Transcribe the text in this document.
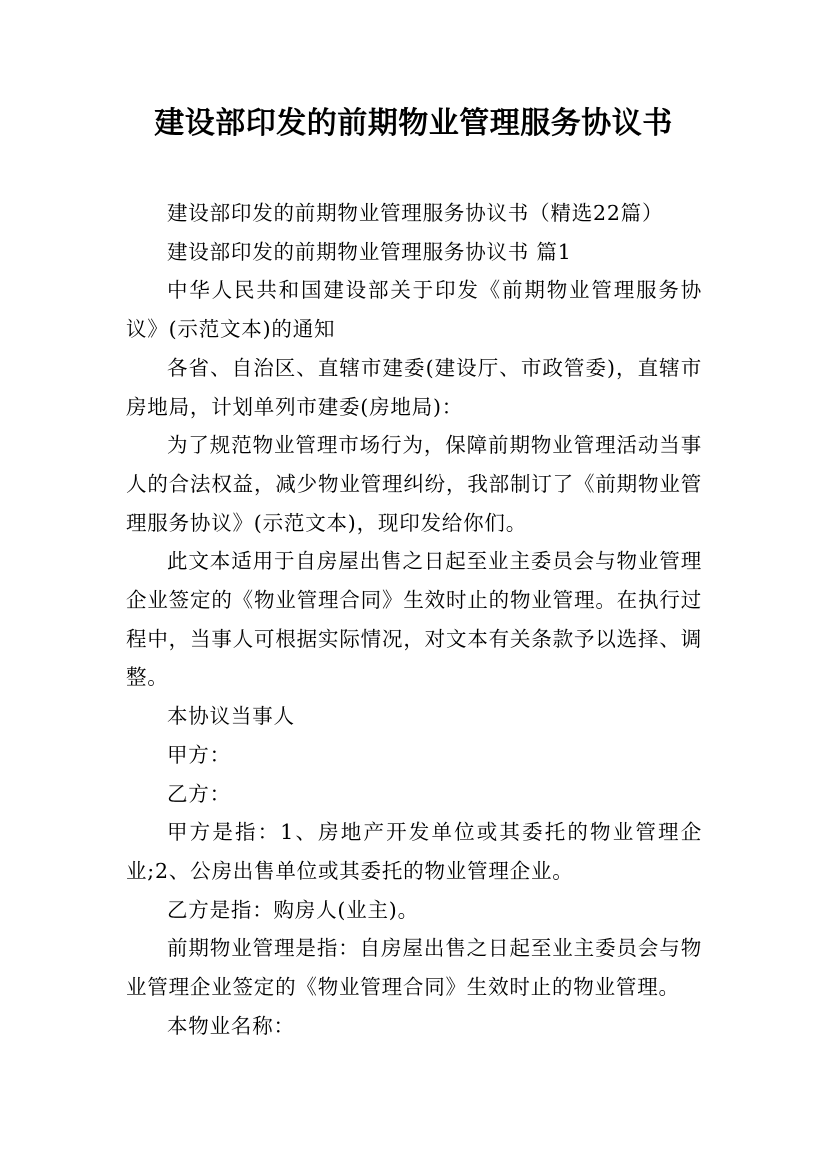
建设部印发的前期物业管理服务协议书

建设部印发的前期物业管理服务协议书（精选22篇）

建设部印发的前期物业管理服务协议书 篇1

中华人民共和国建设部关于印发《前期物业管理服务协议》(示范文本)的通知

各省、自治区、直辖市建委(建设厅、市政管委)，直辖市房地局，计划单列市建委(房地局)：

为了规范物业管理市场行为，保障前期物业管理活动当事人的合法权益，减少物业管理纠纷，我部制订了《前期物业管理服务协议》(示范文本)，现印发给你们。

此文本适用于自房屋出售之日起至业主委员会与物业管理企业签定的《物业管理合同》生效时止的物业管理。在执行过程中，当事人可根据实际情况，对文本有关条款予以选择、调整。

本协议当事人

甲方：

乙方：

甲方是指：1、房地产开发单位或其委托的物业管理企业;2、公房出售单位或其委托的物业管理企业。

乙方是指：购房人(业主)。

前期物业管理是指：自房屋出售之日起至业主委员会与物业管理企业签定的《物业管理合同》生效时止的物业管理。

本物业名称：
